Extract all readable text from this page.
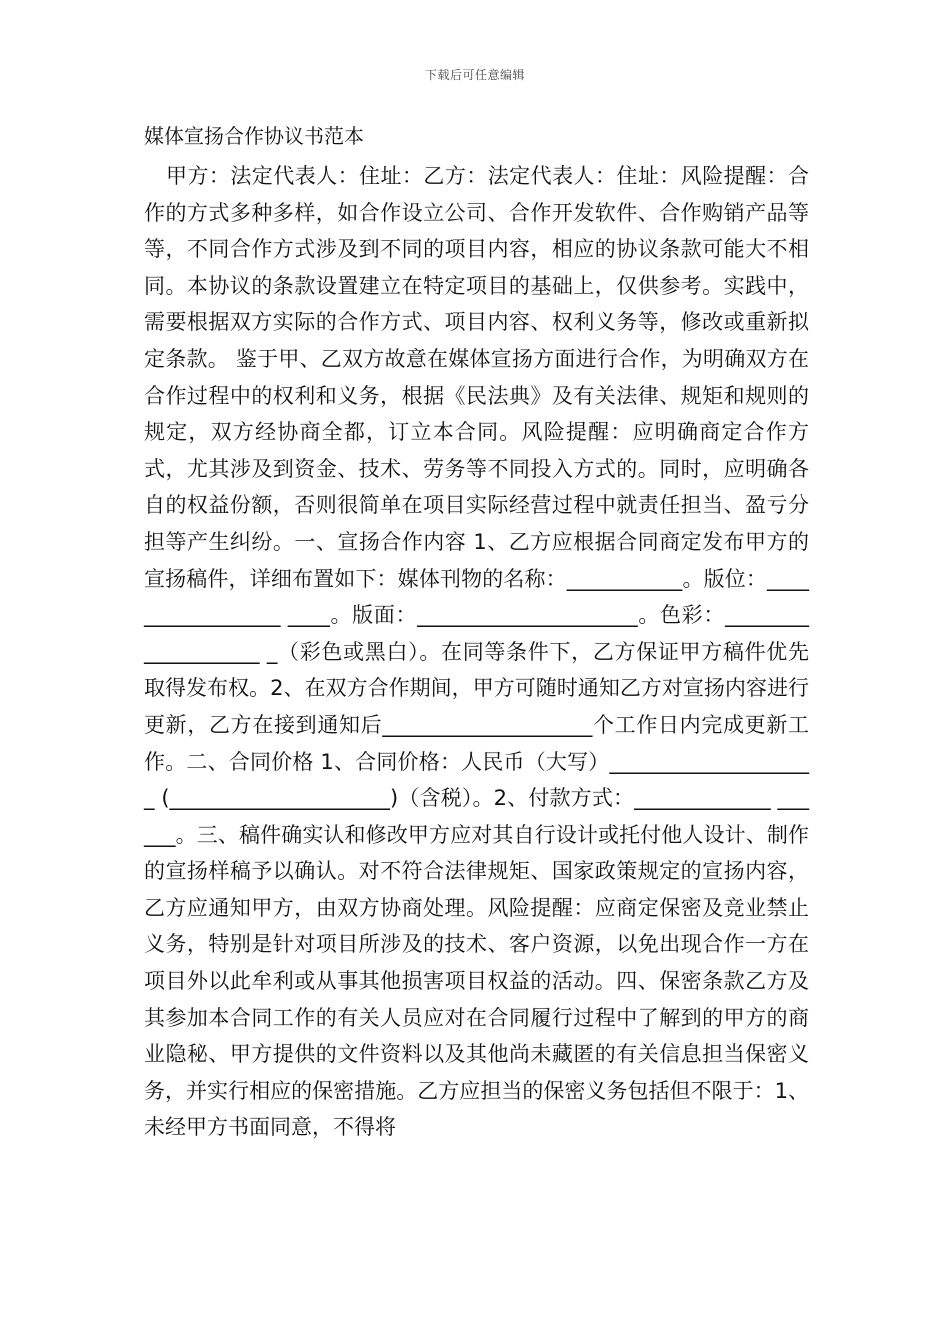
下载后可任意编辑
媒体宣扬合作协议书范本

甲方：法定代表人：住址：乙方：法定代表人：住址：风险提醒：合作的方式多种多样，如合作设立公司、合作开发软件、合作购销产品等等，不同合作方式涉及到不同的项目内容，相应的协议条款可能大不相同。本协议的条款设置建立在特定项目的基础上，仅供参考。实践中，需要根据双方实际的合作方式、项目内容、权利义务等，修改或重新拟定条款。 鉴于甲、乙双方故意在媒体宣扬方面进行合作，为明确双方在合作过程中的权利和义务，根据《民法典》及有关法律、规矩和规则的规定，双方经协商全都，订立本合同。风险提醒：应明确商定合作方式，尤其涉及到资金、技术、劳务等不同投入方式的。同时，应明确各自的权益份额，否则很简单在项目实际经营过程中就责任担当、盈亏分担等产生纠纷。一、宣扬合作内容 1、乙方应根据合同商定发布甲方的宣扬稿件，详细布置如下：媒体刊物的名称：___________。版位：_________________ ____。版面：_____________________。色彩：___________________ _（彩色或黑白）。在同等条件下，乙方保证甲方稿件优先取得发布权。2、在双方合作期间，甲方可随时通知乙方对宣扬内容进行更新，乙方在接到通知后____________________个工作日内完成更新工作。二、合同价格 1、合同价格：人民币（大写）___________________ _ (_____________________)（含税）。2、付款方式：_____________ ______。三、稿件确实认和修改甲方应对其自行设计或托付他人设计、制作的宣扬样稿予以确认。对不符合法律规矩、国家政策规定的宣扬内容，乙方应通知甲方，由双方协商处理。风险提醒：应商定保密及竞业禁止义务，特别是针对项目所涉及的技术、客户资源，以免出现合作一方在项目外以此牟利或从事其他损害项目权益的活动。四、保密条款乙方及其参加本合同工作的有关人员应对在合同履行过程中了解到的甲方的商业隐秘、甲方提供的文件资料以及其他尚未藏匿的有关信息担当保密义务，并实行相应的保密措施。乙方应担当的保密义务包括但不限于：1、未经甲方书面同意，不得将
